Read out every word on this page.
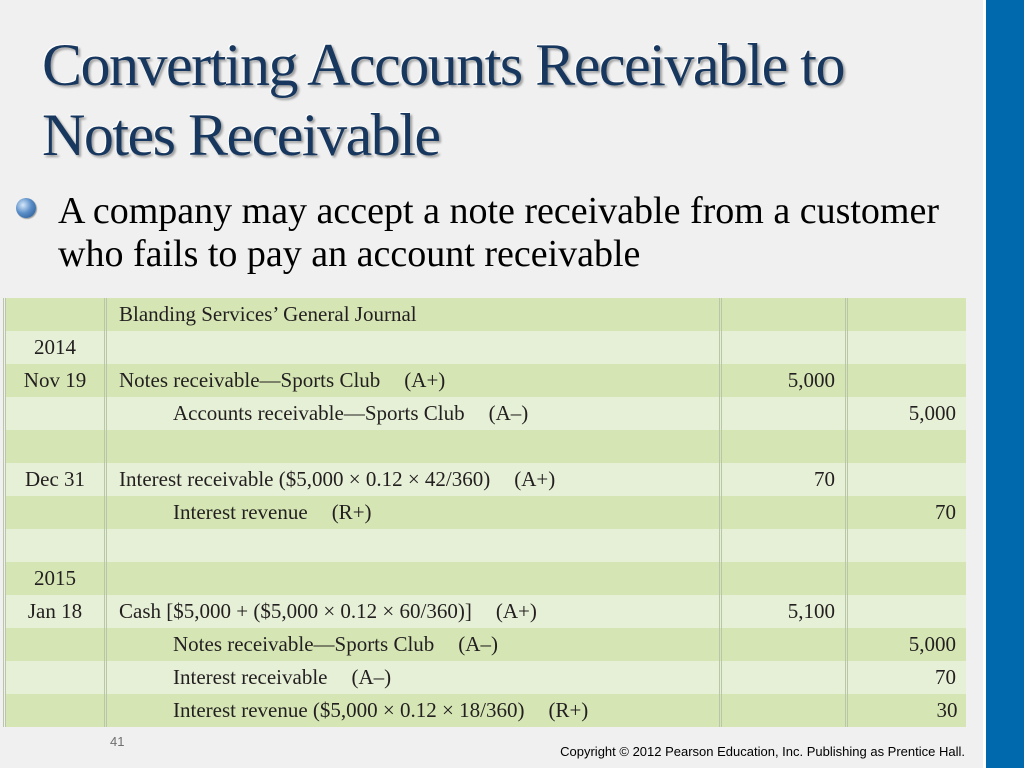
Converting Accounts Receivable to Notes Receivable
A company may accept a note receivable from a customer who fails to pay an account receivable
	Blanding Services’ General Journal		
2014			
Nov 19	Notes receivable—Sports Club (A+)	5,000	
	Accounts receivable—Sports Club (A–)		5,000

Dec 31	Interest receivable ($5,000 × 0.12 × 42/360) (A+)	70	
	Interest revenue (R+)		70

2015			
Jan 18	Cash [$5,000 + ($5,000 × 0.12 × 60/360)] (A+)	5,100	
	Notes receivable—Sports Club (A–)		5,000
	Interest receivable (A–)		70
	Interest revenue ($5,000 × 0.12 × 18/360) (R+)		30
41
Copyright © 2012 Pearson Education, Inc. Publishing as Prentice Hall.
